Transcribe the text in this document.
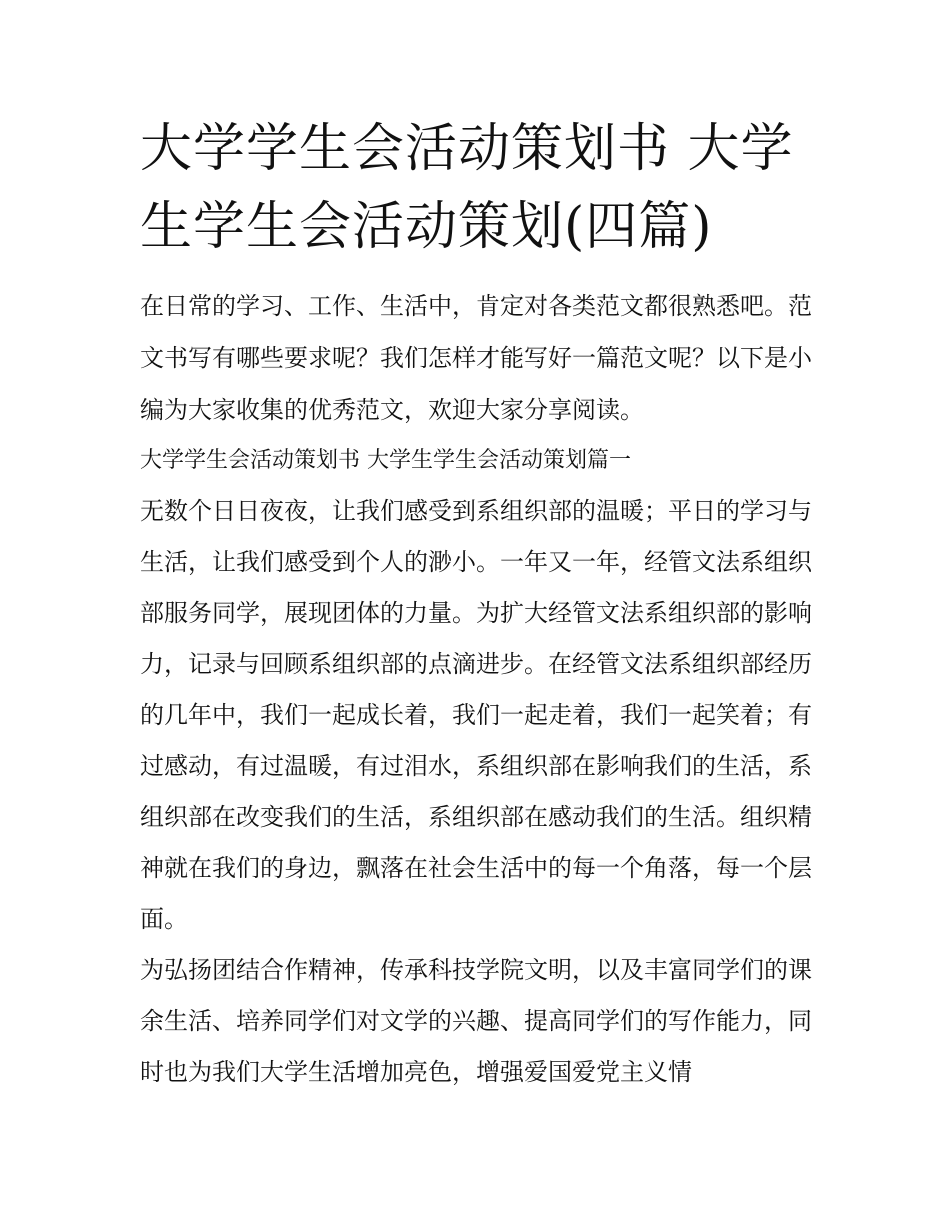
大学学生会活动策划书 大学生学生会活动策划(四篇)

在日常的学习、工作、生活中，肯定对各类范文都很熟悉吧。范文书写有哪些要求呢？我们怎样才能写好一篇范文呢？以下是小编为大家收集的优秀范文，欢迎大家分享阅读。

大学学生会活动策划书 大学生学生会活动策划篇一

无数个日日夜夜，让我们感受到系组织部的温暖；平日的学习与生活，让我们感受到个人的渺小。一年又一年，经管文法系组织部服务同学，展现团体的力量。为扩大经管文法系组织部的影响力，记录与回顾系组织部的点滴进步。在经管文法系组织部经历的几年中，我们一起成长着，我们一起走着，我们一起笑着；有过感动，有过温暖，有过泪水，系组织部在影响我们的生活，系组织部在改变我们的生活，系组织部在感动我们的生活。组织精神就在我们的身边，飘落在社会生活中的每一个角落，每一个层面。

为弘扬团结合作精神，传承科技学院文明，以及丰富同学们的课余生活、培养同学们对文学的兴趣、提高同学们的写作能力，同时也为我们大学生活增加亮色，增强爱国爱党主义情
